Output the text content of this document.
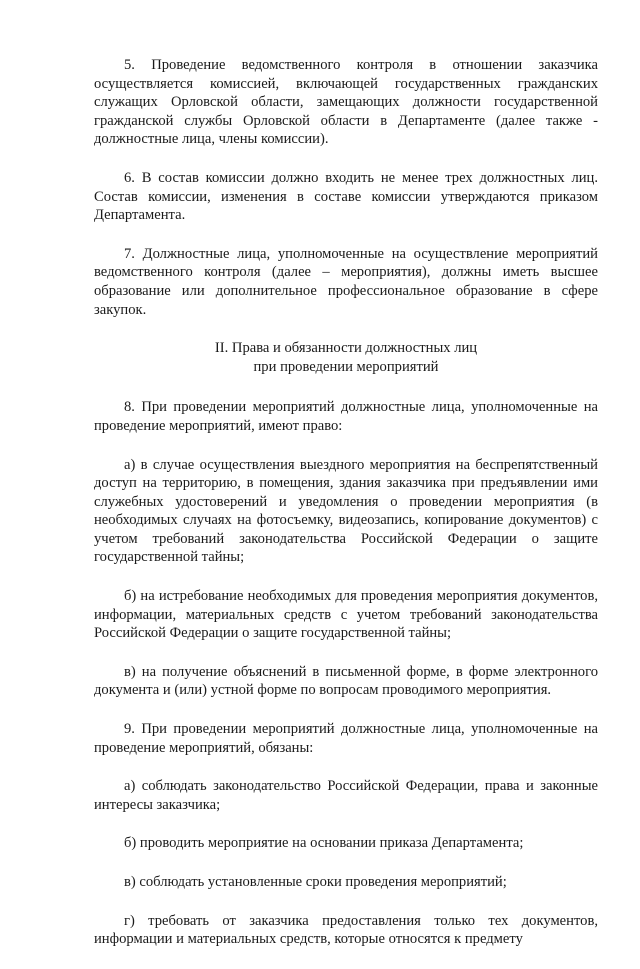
5. Проведение ведомственного контроля в отношении заказчика осуществляется комиссией, включающей государственных гражданских служащих Орловской области, замещающих должности государственной гражданской службы Орловской области в Департаменте (далее также - должностные лица, члены комиссии).

6. В состав комиссии должно входить не менее трех должностных лиц. Состав комиссии, изменения в составе комиссии утверждаются приказом Департамента.

7. Должностные лица, уполномоченные на осуществление мероприятий ведомственного контроля (далее – мероприятия), должны иметь высшее образование или дополнительное профессиональное образование в сфере закупок.

II. Права и обязанности должностных лиц
при проведении мероприятий

8. При проведении мероприятий должностные лица, уполномоченные на проведение мероприятий, имеют право:

а) в случае осуществления выездного мероприятия на беспрепятственный доступ на территорию, в помещения, здания заказчика при предъявлении ими служебных удостоверений и уведомления о проведении мероприятия (в необходимых случаях на фотосъемку, видеозапись, копирование документов) с учетом требований законодательства Российской Федерации о защите государственной тайны;

б) на истребование необходимых для проведения мероприятия документов, информации, материальных средств с учетом требований законодательства Российской Федерации о защите государственной тайны;

в) на получение объяснений в письменной форме, в форме электронного документа и (или) устной форме по вопросам проводимого мероприятия.

9. При проведении мероприятий должностные лица, уполномоченные на проведение мероприятий, обязаны:

а) соблюдать законодательство Российской Федерации, права и законные интересы заказчика;

б) проводить мероприятие на основании приказа Департамента;

в) соблюдать установленные сроки проведения мероприятий;

г) требовать от заказчика предоставления только тех документов, информации и материальных средств, которые относятся к предмету
